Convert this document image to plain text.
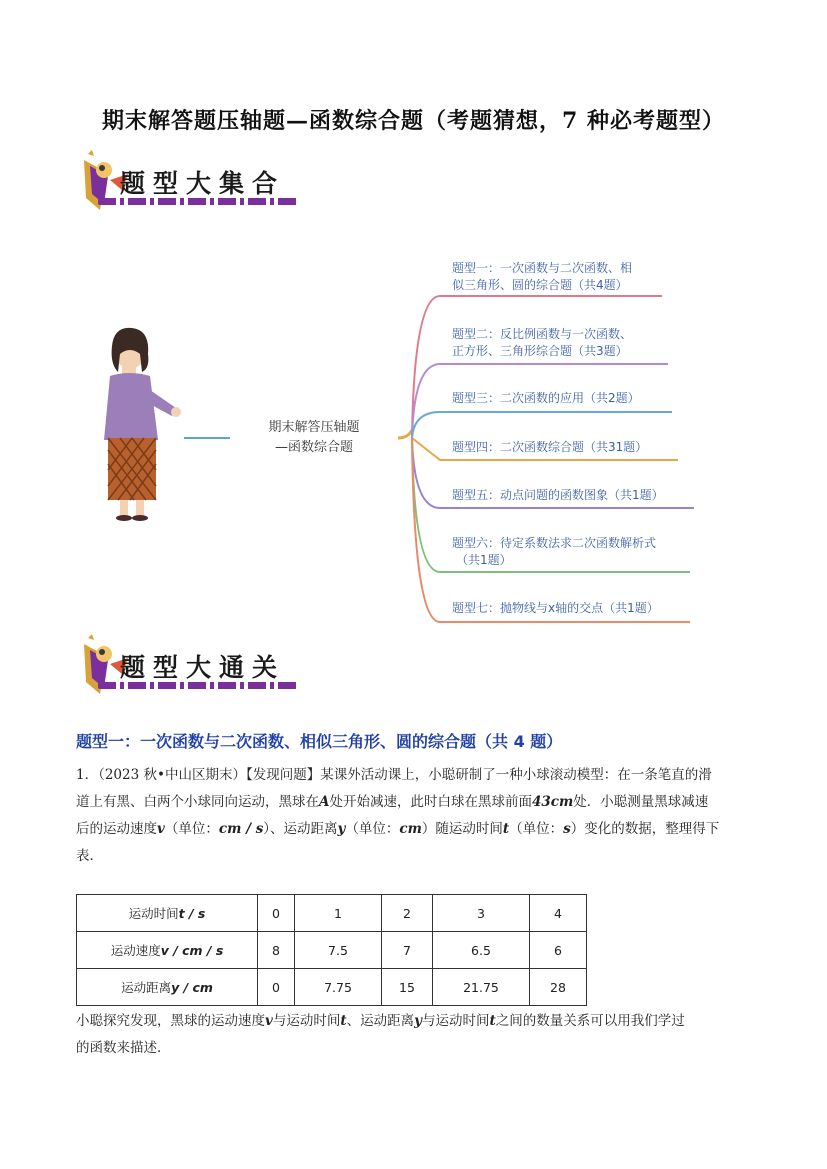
期末解答题压轴题—函数综合题（考题猜想，7 种必考题型）
题型大集合
期末解答压轴题
—函数综合题
题型一：一次函数与二次函数、相
似三角形、圆的综合题（共4题）
题型二：反比例函数与一次函数、
正方形、三角形综合题（共3题）
题型三：二次函数的应用（共2题）
题型四：二次函数综合题（共31题）
题型五：动点问题的函数图象（共1题）
题型六：待定系数法求二次函数解析式
（共1题）
题型七：抛物线与x轴的交点（共1题）
题型大通关
题型一：一次函数与二次函数、相似三角形、圆的综合题（共 4 题）
1．（2023 秋•中山区期末）【发现问题】某课外活动课上，小聪研制了一种小球滚动模型：在一条笔直的滑
道上有黑、白两个小球同向运动，黑球在A处开始减速，此时白球在黑球前面43cm处．小聪测量黑球减速
后的运动速度v（单位：cm / s）、运动距离y（单位：cm）随运动时间t（单位：s）变化的数据，整理得下
表．
运动时间t / s	0	1	2	3	4
运动速度v / cm / s	8	7.5	7	6.5	6
运动距离y / cm	0	7.75	15	21.75	28
小聪探究发现，黑球的运动速度v与运动时间t、运动距离y与运动时间t之间的数量关系可以用我们学过
的函数来描述．
